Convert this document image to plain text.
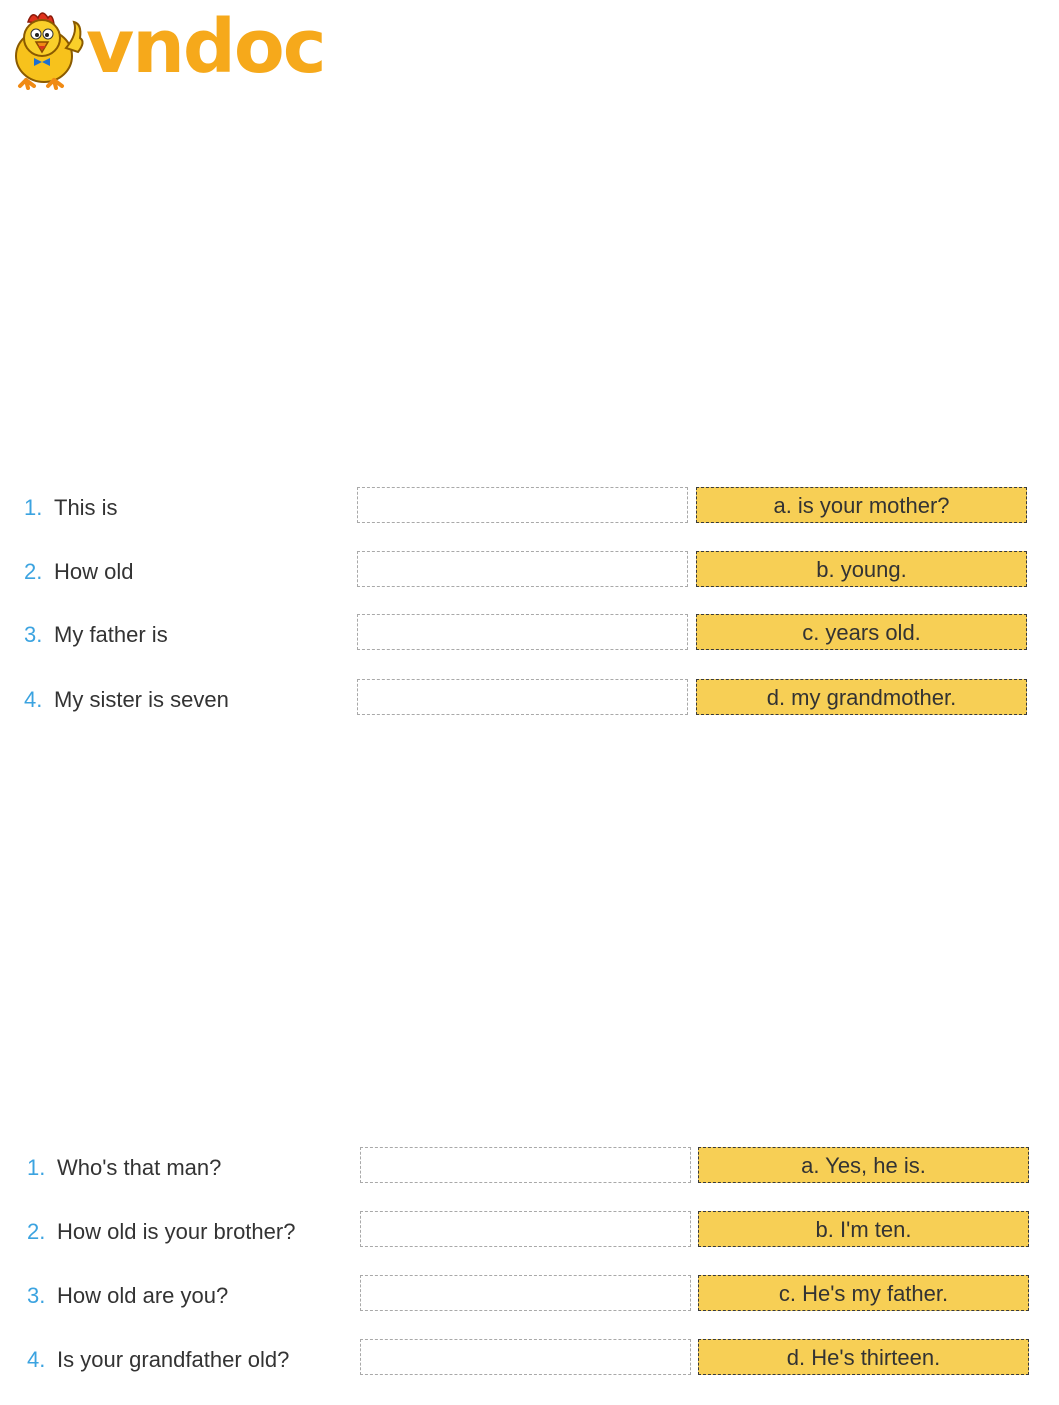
vndoc
1. This is	a. is your mother?
2. How old	b. young.
3. My father is	c. years old.
4. My sister is seven	d. my grandmother.
1. Who's that man?	a. Yes, he is.
2. How old is your brother?	b. I'm ten.
3. How old are you?	c. He's my father.
4. Is your grandfather old?	d. He's thirteen.
